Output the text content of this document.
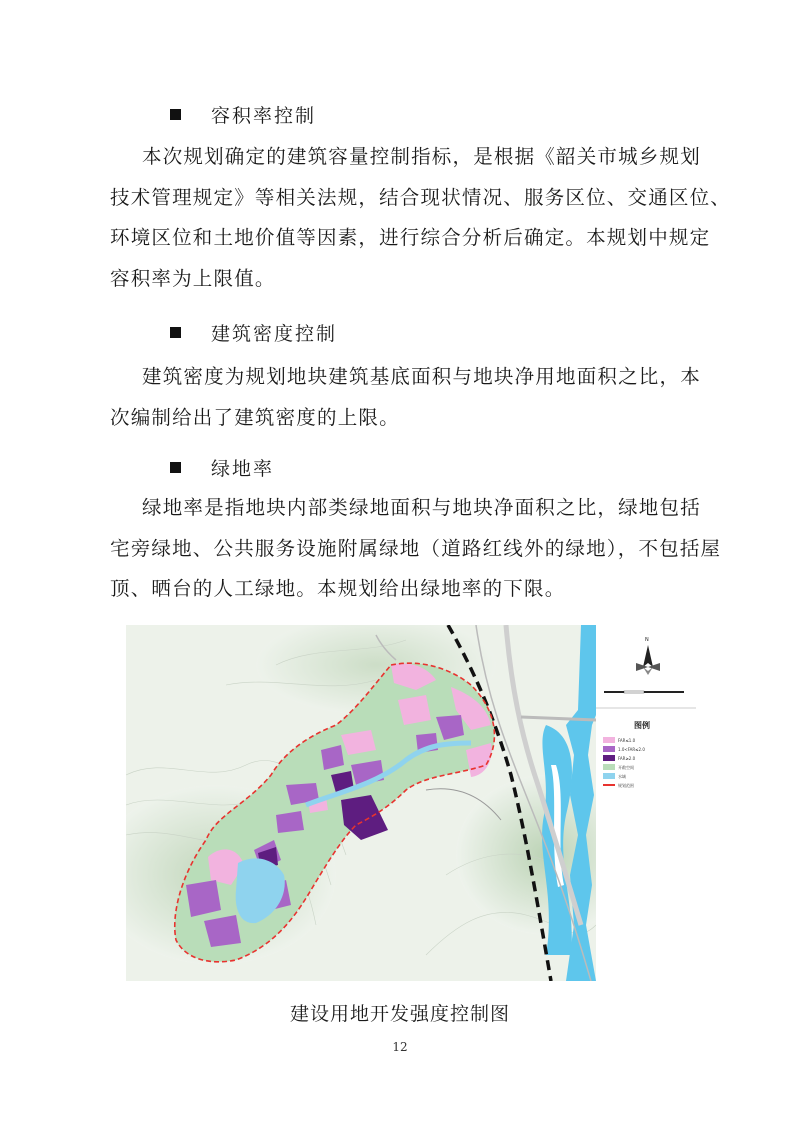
容积率控制
本次规划确定的建筑容量控制指标，是根据《韶关市城乡规划
技术管理规定》等相关法规，结合现状情况、服务区位、交通区位、
环境区位和土地价值等因素，进行综合分析后确定。本规划中规定
容积率为上限值。
建筑密度控制
建筑密度为规划地块建筑基底面积与地块净用地面积之比，本
次编制给出了建筑密度的上限。
绿地率
绿地率是指地块内部类绿地面积与地块净面积之比，绿地包括
宅旁绿地、公共服务设施附属绿地（道路红线外的绿地），不包括屋
顶、晒台的人工绿地。本规划给出绿地率的下限。
N
图例
FAR≤1.0
1.0<FAR≤2.0
FAR≥2.0
开敞空间
水域
规划范围
建设用地开发强度控制图
12
